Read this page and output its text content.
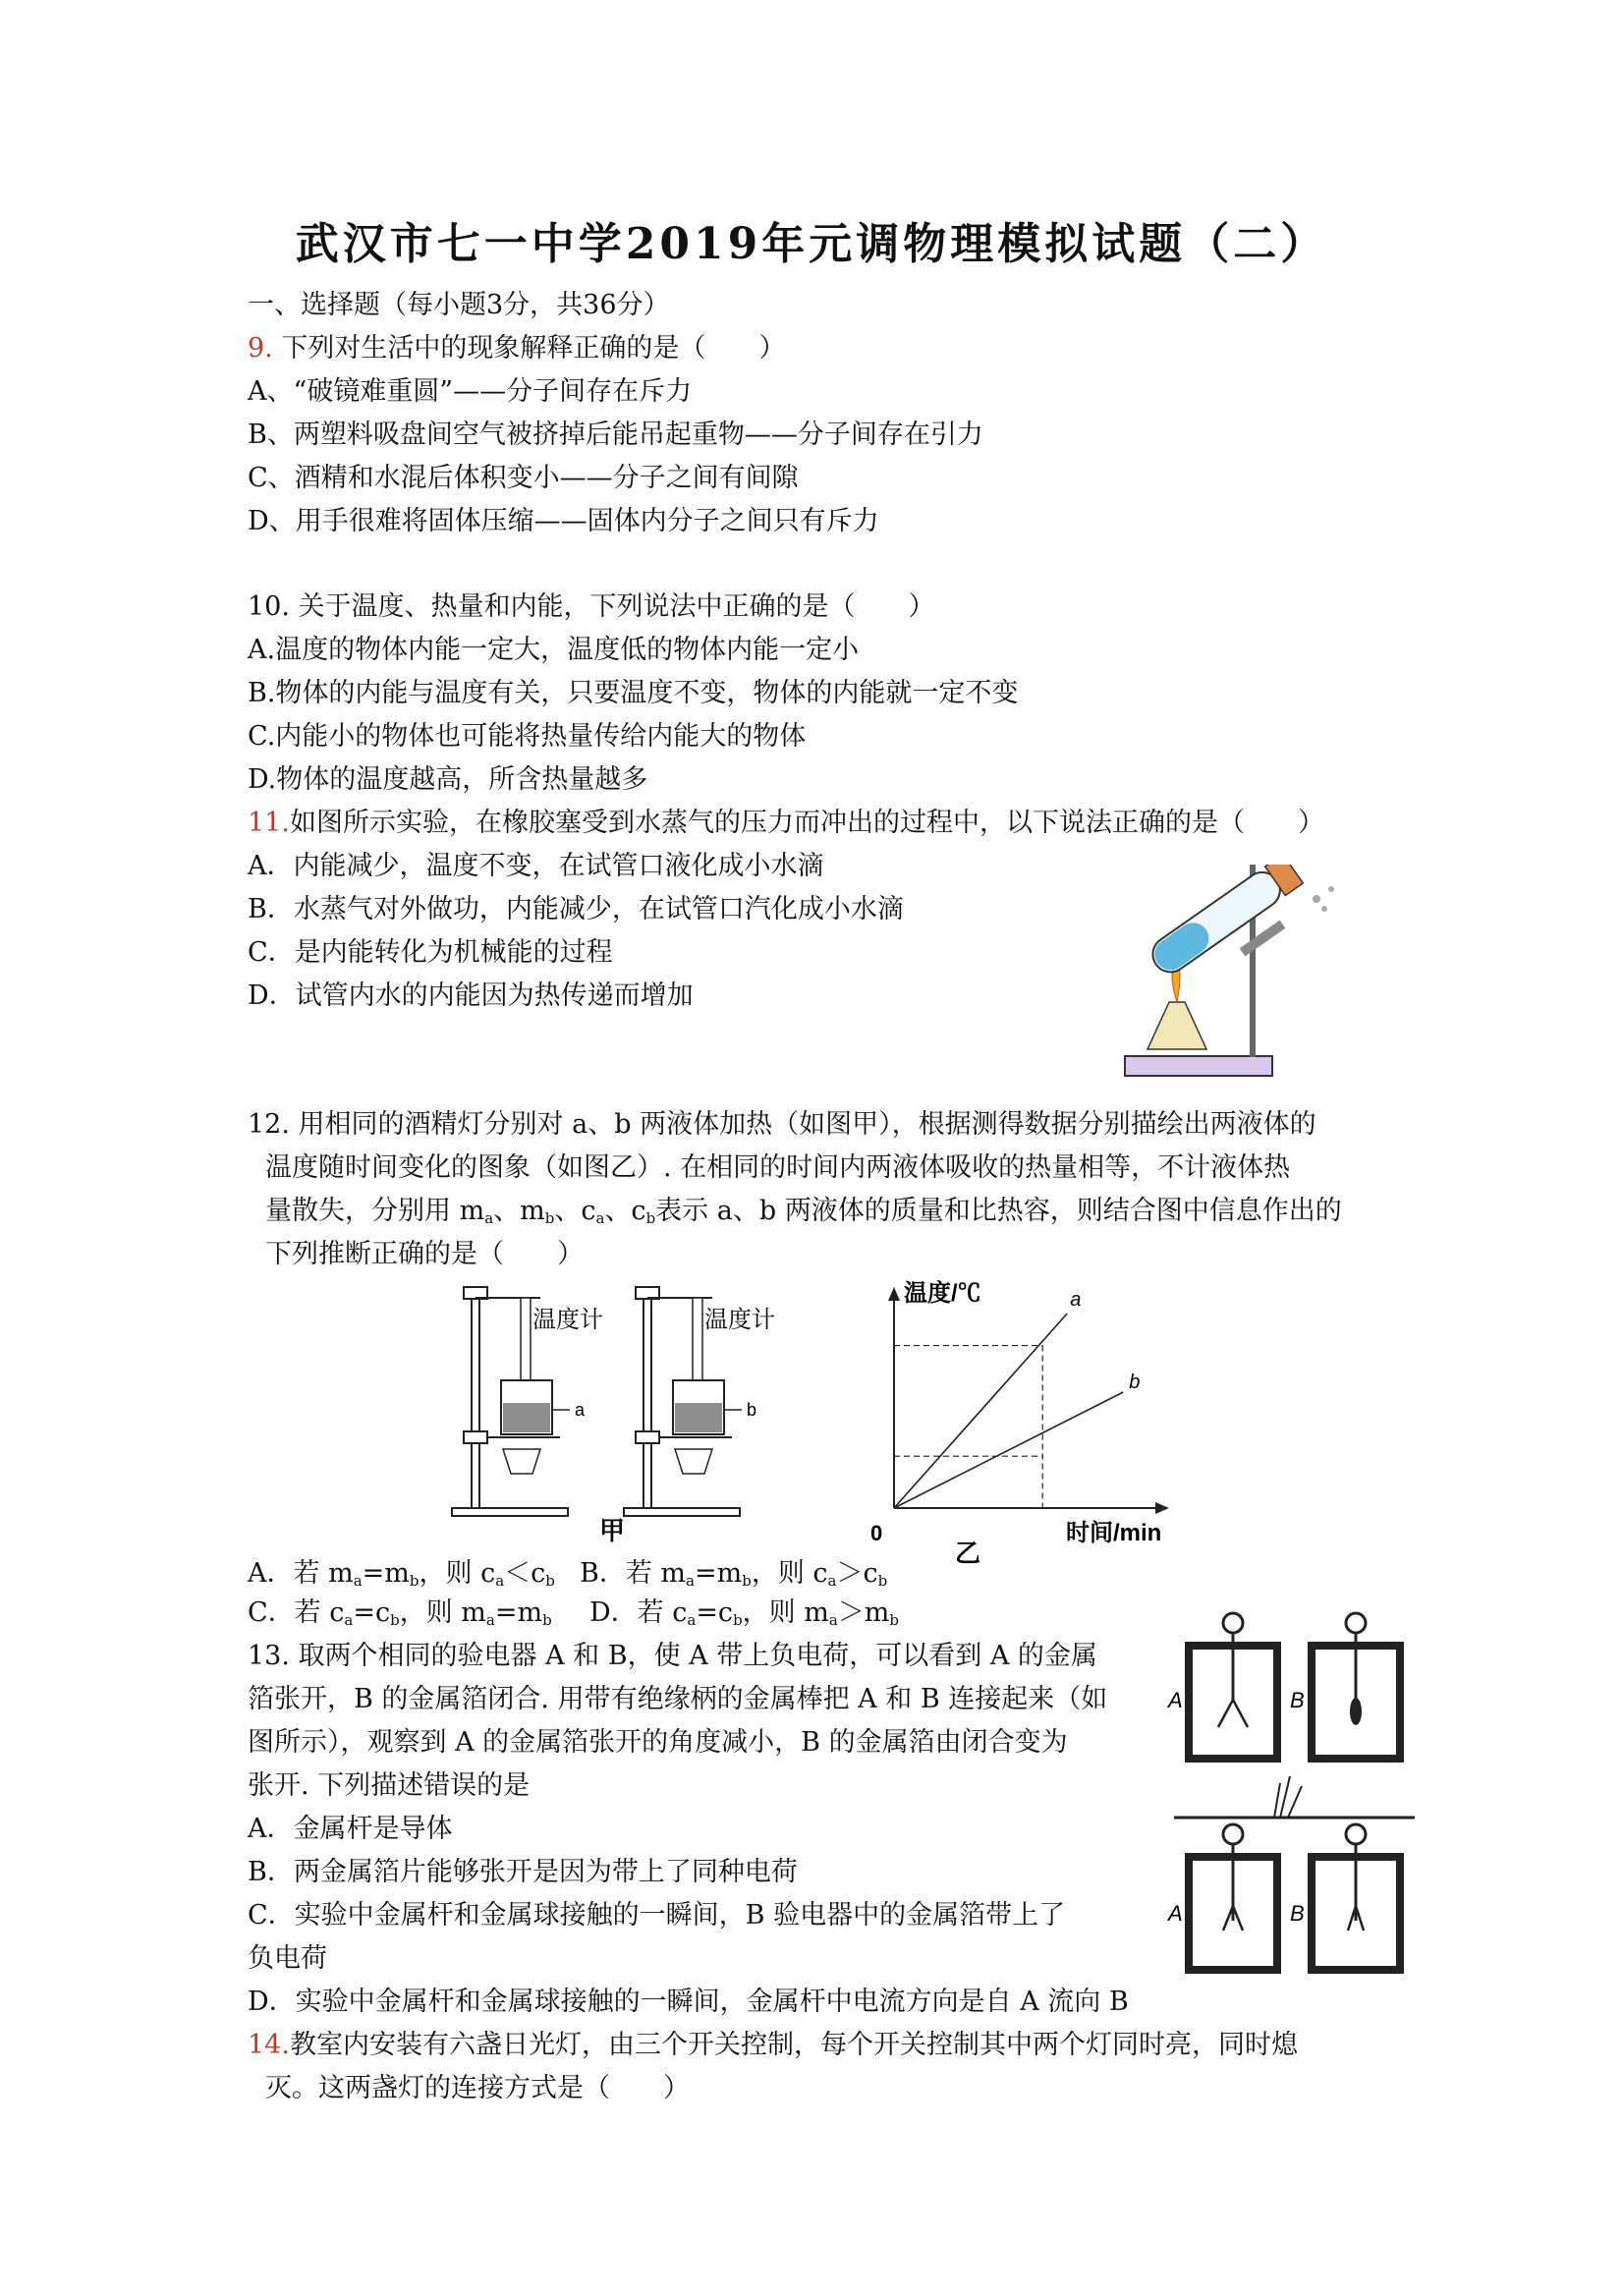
武汉市七一中学2019年元调物理模拟试题（二）
一、选择题（每小题3分，共36分）
9. 下列对生活中的现象解释正确的是（　　）
A、“破镜难重圆”——分子间存在斥力
B、两塑料吸盘间空气被挤掉后能吊起重物——分子间存在引力
C、酒精和水混后体积变小——分子之间有间隙
D、用手很难将固体压缩——固体内分子之间只有斥力
10. 关于温度、热量和内能，下列说法中正确的是（　　）
A.温度的物体内能一定大，温度低的物体内能一定小
B.物体的内能与温度有关，只要温度不变，物体的内能就一定不变
C.内能小的物体也可能将热量传给内能大的物体
D.物体的温度越高，所含热量越多
11.如图所示实验，在橡胶塞受到水蒸气的压力而冲出的过程中，以下说法正确的是（　　）
A．内能减少，温度不变，在试管口液化成小水滴
B．水蒸气对外做功，内能减少，在试管口汽化成小水滴
C．是内能转化为机械能的过程
D．试管内水的内能因为热传递而增加
12. 用相同的酒精灯分别对 a、b 两液体加热（如图甲），根据测得数据分别描绘出两液体的
温度随时间变化的图象（如图乙）. 在相同的时间内两液体吸收的热量相等，不计液体热
量散失，分别用 $m_a$、$m_b$、$c_a$、$c_b$表示 a、b 两液体的质量和比热容，则结合图中信息作出的
下列推断正确的是（　　）
温度计
a
温度计
b
甲
a
b
温度/℃
0	时间/min
乙
A．若 $m_a=m_b$，则 $c_a<c_b$ B．若 $m_a=m_b$，则 $c_a>c_b$
C．若 $c_a=c_b$，则 $m_a=m_b$ D．若 $c_a=c_b$，则 $m_a>m_b$
13. 取两个相同的验电器 A 和 B，使 A 带上负电荷，可以看到 A 的金属
箔张开，B 的金属箔闭合. 用带有绝缘柄的金属棒把 A 和 B 连接起来（如
图所示），观察到 A 的金属箔张开的角度减小，B 的金属箔由闭合变为
张开. 下列描述错误的是
A．金属杆是导体
B．两金属箔片能够张开是因为带上了同种电荷
C．实验中金属杆和金属球接触的一瞬间，B 验电器中的金属箔带上了
负电荷
D．实验中金属杆和金属球接触的一瞬间，金属杆中电流方向是自 A 流向 B
A	B
A	B
14.教室内安装有六盏日光灯，由三个开关控制，每个开关控制其中两个灯同时亮，同时熄
灭。这两盏灯的连接方式是（　　）
